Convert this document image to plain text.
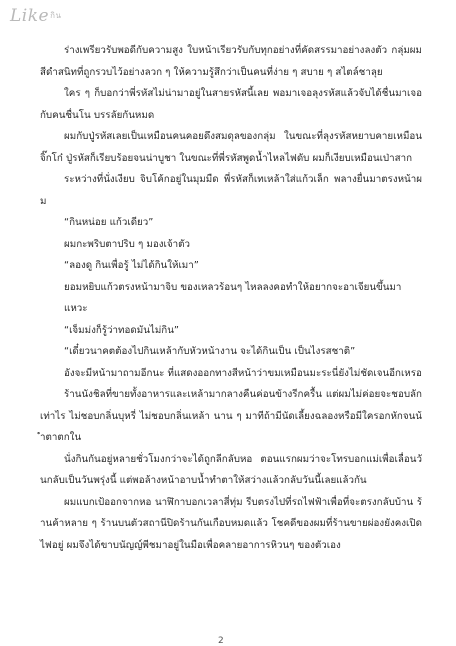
Likeกิน

ร่างเพรียวรับพอดีกับความสูง ใบหน้าเรียวรับกับทุกอย่างที่คัดสรรมาอย่างลงตัว กลุ่มผมสีดำสนิทที่ถูกรวบไว้อย่างลวก ๆ ให้ความรู้สึกว่าเป็นคนที่ง่าย ๆ สบาย ๆ สไตล์ชาลุย

ใคร ๆ ก็บอกว่าพี่รหัสไม่น่ามาอยู่ในสายรหัสนี้เลย พอมาเจอลุงรหัสแล้วจับได้ชื่นมาเจอกับคนชื่นโน บรรลัยกันหมด

ผมกับปู่รหัสเลยเป็นเหมือนคนคอยดึงสมดุลของกลุ่ม ในขณะที่ลุงรหัสหยาบคายเหมือนจิ๊กโก๋ ปู่รหัสก็เรียบร้อยจนน่าบูชา ในขณะที่พี่รหัสพูดน้ำไหลไฟดับ ผมก็เงียบเหมือนเป่าสาก

ระหว่างที่นั่งเงียบ จิบโค้กอยู่ในมุมมืด พี่รหัสก็เทเหล้าใส่แก้วเล็ก พลางยื่นมาตรงหน้าผม

“กินหน่อย แก้วเดียว”

ผมกะพริบตาปริบ ๆ มองเจ้าตัว

“ลองดู กินเพื่อรู้ ไม่ได้กินให้เมา”

ยอมหยิบแก้วตรงหน้ามาจิบ ของเหลวร้อนๆ ไหลลงคอทำให้อยากจะอาเจียนขึ้นมา

แหวะ

“เจ็มม่งก็รู้ว่าทอดมันไม่กิน”

“เดี๋ยวนาคตต้องไปกินเหล้ากับหัวหน้างาน จะได้กินเป็น เป็นไงรสชาติ”

อังจะมีหน้ามาถามอีกนะ ที่แสดงออกทางสีหน้าว่าขมเหมือนมะระนี่ยังไม่ชัดเจนอีกเหรอ

ร้านนังชิลที่ขายทั้งอาหารและเหล้ามากลางคืนค่อนข้างรีกครื้น แต่ผมไม่ค่อยจะชอบลักเท่าไร ไม่ชอบกลิ่นบุหรี่ ไม่ชอบกลิ่นเหล้า นาน ๆ มาทีถ้ามีนัดเลี้ยงฉลองหรือมีใครอกหักจนน้ำตาตกใน

นั่งกินกันอยู่หลายชั่วโมงกว่าจะได้ถูกลีกลับหอ ตอนแรกผมว่าจะโทรบอกแม่เพื่อเลื่อนวันกลับเป็นวันพรุ่งนี้ แต่พอล้างหน้าอาบน้ำทำตาให้สว่างแล้วกลับวันนี้เลยแล้วกัน

ผมแบกเป้ออกจากหอ นาฬิกาบอกเวลาสี่ทุ่ม รีบตรงไปที่รถไฟฟ้าเพื่อที่จะตรงกลับบ้าน ร้านค้าหลาย ๆ ร้านบนตัวสถานีปิดร้านกันเกือบหมดแล้ว โชคดีของผมที่ร้านขายผ่องยังคงเปิดไฟอยู่ ผมจึงได้ขาบนัญญ์พีชมาอยู่ในมือเพื่อคลายอาการหิวนๆ ของตัวเอง

2
